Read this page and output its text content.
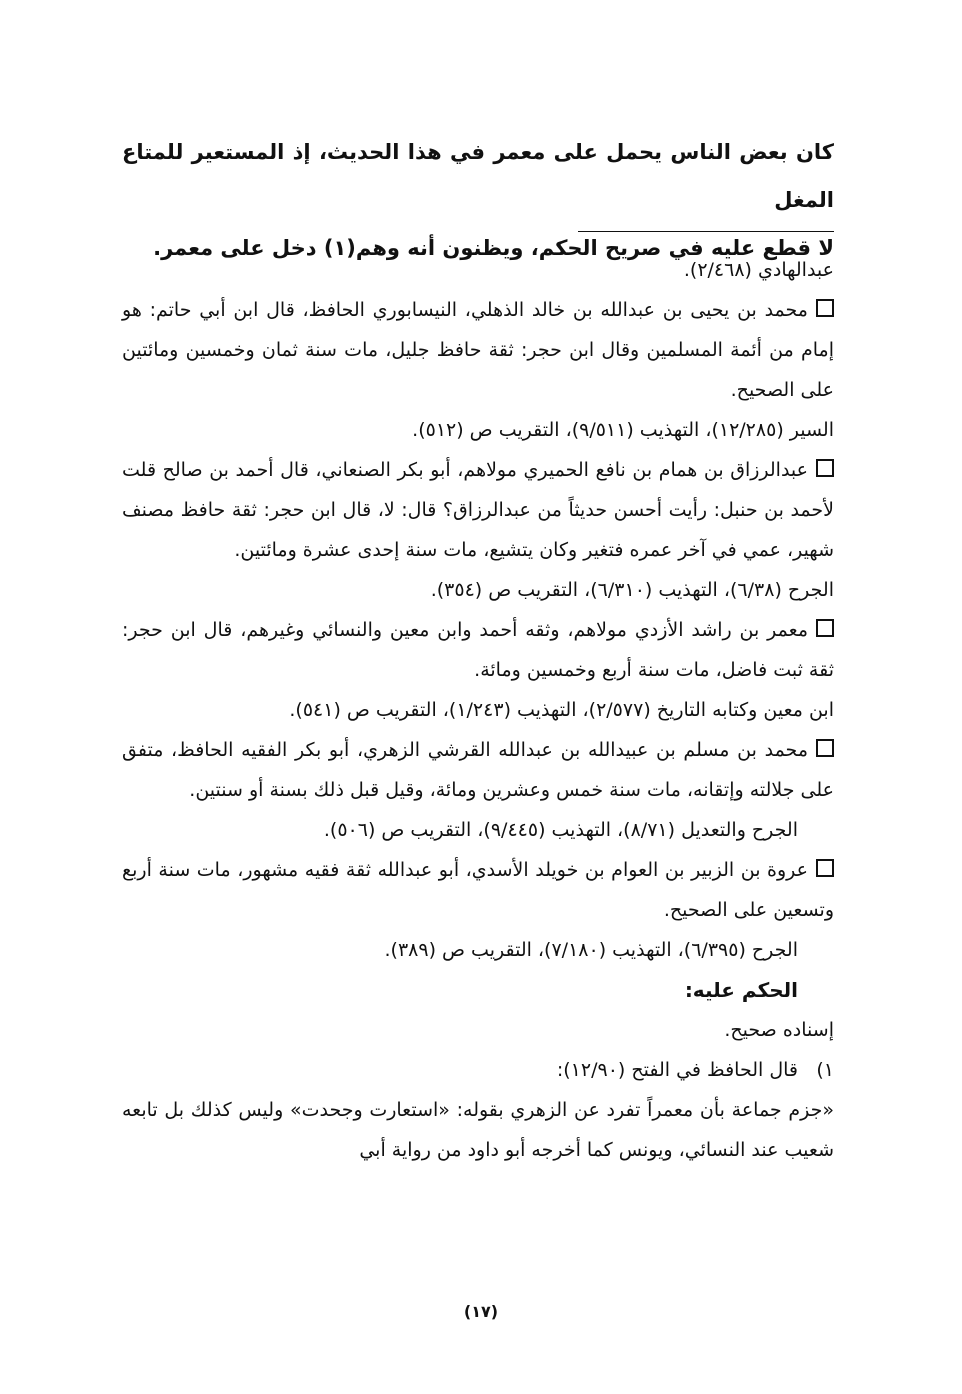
كان بعض الناس يحمل على معمر في هذا الحديث، إذ المستعير للمتاع المغل

لا قطع عليه في صريح الحكم، ويظنون أنه وهم(١) دخل على معمر.

عبدالهادي (٢/٤٦٨).

محمد بن يحيى بن عبدالله بن خالد الذهلي، النيسابوري الحافظ، قال ابن أبي حاتم: هو إمام من أئمة المسلمين وقال ابن حجر: ثقة حافظ جليل، مات سنة ثمان وخمسين ومائتين على الصحيح.

السير (١٢/٢٨٥)، التهذيب (٩/٥١١)، التقريب ص (٥١٢).

عبدالرزاق بن همام بن نافع الحميري مولاهم، أبو بكر الصنعاني، قال أحمد بن صالح قلت لأحمد بن حنبل: رأيت أحسن حديثاً من عبدالرزاق؟ قال: لا، قال ابن حجر: ثقة حافظ مصنف شهير، عمي في آخر عمره فتغير وكان يتشيع، مات سنة إحدى عشرة ومائتين.

الجرح (٦/٣٨)، التهذيب (٦/٣١٠)، التقريب ص (٣٥٤).

معمر بن راشد الأزدي مولاهم، وثقه أحمد وابن معين والنسائي وغيرهم، قال ابن حجر: ثقة ثبت فاضل، مات سنة أربع وخمسين ومائة.

ابن معين وكتابه التاريخ (٢/٥٧٧)، التهذيب (١/٢٤٣)، التقريب ص (٥٤١).

محمد بن مسلم بن عبيدالله بن عبدالله القرشي الزهري، أبو بكر الفقيه الحافظ، متفق على جلالته وإتقانه، مات سنة خمس وعشرين ومائة، وقيل قبل ذلك بسنة أو سنتين.

الجرح والتعديل (٨/٧١)، التهذيب (٩/٤٤٥)، التقريب ص (٥٠٦).

عروة بن الزبير بن العوام بن خويلد الأسدي، أبو عبدالله ثقة فقيه مشهور، مات سنة أربع وتسعين على الصحيح.

الجرح (٦/٣٩٥)، التهذيب (٧/١٨٠)، التقريب ص (٣٨٩).

الحكم عليه:

إسناده صحيح.

١)
قال الحافظ في الفتح (١٢/٩٠):

«جزم جماعة بأن معمراً تفرد عن الزهري بقوله: «استعارت وجحدت» وليس كذلك بل تابعه شعيب عند النسائي، ويونس كما أخرجه أبو داود من رواية أبي

(١٧)
